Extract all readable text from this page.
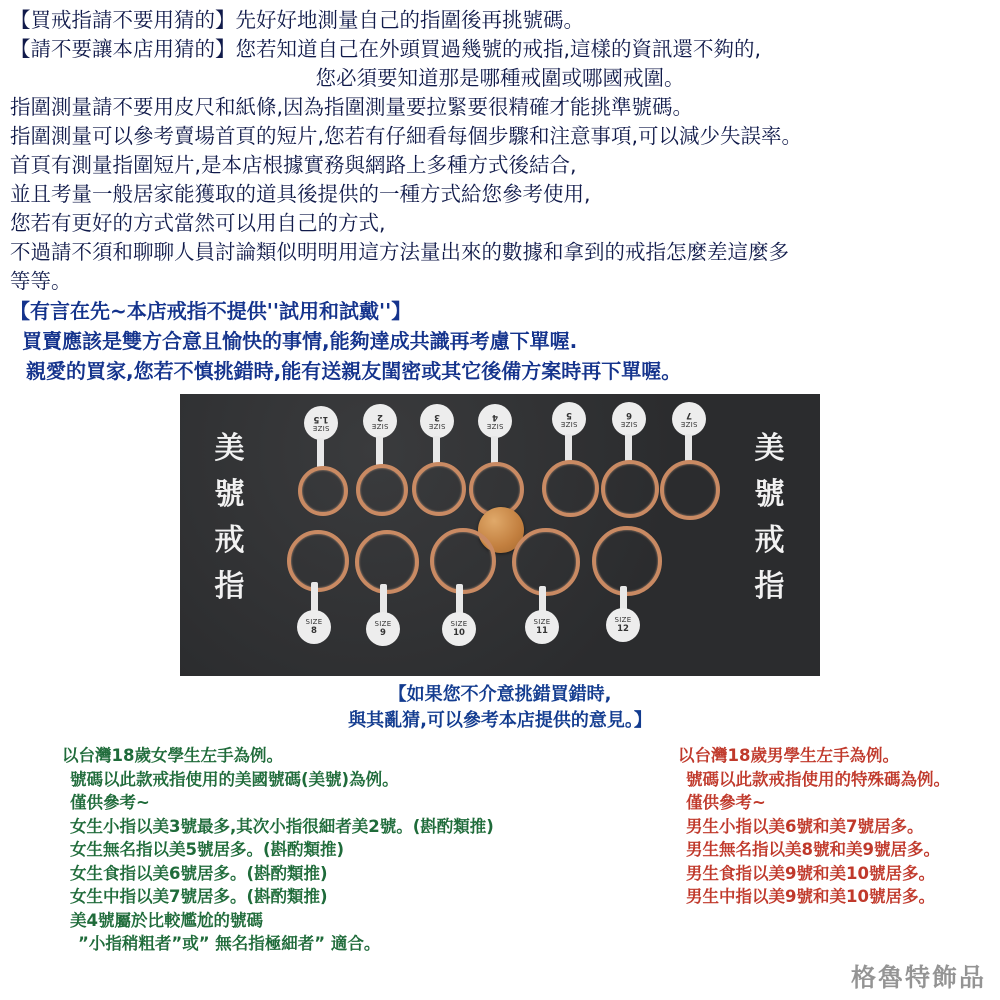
【買戒指請不要用猜的】先好好地測量自己的指圍後再挑號碼。
【請不要讓本店用猜的】您若知道自己在外頭買過幾號的戒指,這樣的資訊還不夠的,
您必須要知道那是哪種戒圍或哪國戒圍。
指圍測量請不要用皮尺和紙條,因為指圍測量要拉緊要很精確才能挑準號碼。
指圍測量可以參考賣場首頁的短片,您若有仔細看每個步驟和注意事項,可以減少失誤率。
首頁有測量指圍短片,是本店根據實務與網路上多種方式後結合,
並且考量一般居家能獲取的道具後提供的一種方式給您參考使用,
您若有更好的方式當然可以用自己的方式,
不過請不須和聊聊人員討論類似明明用這方法量出來的數據和拿到的戒指怎麼差這麼多
等等。
【有言在先~本店戒指不提供''試用和試戴''】
買賣應該是雙方合意且愉快的事情,能夠達成共識再考慮下單喔.
親愛的買家,您若不慎挑錯時,能有送親友閨密或其它後備方案時再下單喔。
美號戒指
美號戒指
SIZE
1.5
SIZE
2
SIZE
3
SIZE
4
SIZE
5
SIZE
6
SIZE
7
SIZE
8
SIZE
9
SIZE
10
SIZE
11
SIZE
12
【如果您不介意挑錯買錯時,
與其亂猜,可以參考本店提供的意見。】
以台灣18歲女學生左手為例。
號碼以此款戒指使用的美國號碼(美號)為例。
僅供參考~
女生小指以美3號最多,其次小指很細者美2號。(斟酌類推)
女生無名指以美5號居多。(斟酌類推)
女生食指以美6號居多。(斟酌類推)
女生中指以美7號居多。(斟酌類推)
美4號屬於比較尷尬的號碼
”小指稍粗者”或” 無名指極細者” 適合。
以台灣18歲男學生左手為例。
號碼以此款戒指使用的特殊碼為例。
僅供參考~
男生小指以美6號和美7號居多。
男生無名指以美8號和美9號居多。
男生食指以美9號和美10號居多。
男生中指以美9號和美10號居多。
格魯特飾品
